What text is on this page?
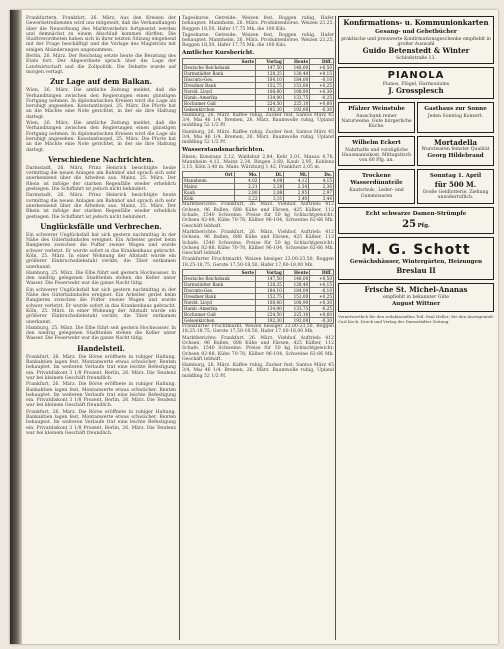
Frankfurtern. Frankfurt, 26. März. Aus den Kreisen der Gewerbetreibenden wird uns mitgeteilt, daß die Verhandlungen über die Neuordnung des Marktverkehrs fortgesetzt werden und demnächst zu einem Abschluß kommen dürften. Die Stadtverordneten haben sich in ihrer letzten Sitzung eingehend mit der Frage beschäftigt und die Vorlage des Magistrats mit einigen Abänderungen angenommen.

Berlin, 26. März. Der Reichstag setzte heute die Beratung des Etats fort. Der Abgeordnete sprach über die Lage der Landwirtschaft und die Zollpolitik. Die Debatte wurde auf morgen vertagt.

Zur Lage auf dem Balkan.

Wien, 26. März. Die amtliche Zeitung meldet, daß die Verhandlungen zwischen den Regierungen einen günstigen Fortgang nehmen. In diplomatischen Kreisen wird die Lage als beruhigt angesehen. Konstantinopel, 25. März. Die Pforte hat an die Mächte eine Note gerichtet, in der sie ihre Haltung darlegt.

Wien, 26. März. Die amtliche Zeitung meldet, daß die Verhandlungen zwischen den Regierungen einen günstigen Fortgang nehmen. In diplomatischen Kreisen wird die Lage als beruhigt angesehen. Konstantinopel, 25. März. Die Pforte hat an die Mächte eine Note gerichtet, in der sie ihre Haltung darlegt.

Verschiedene Nachrichten.

Darmstadt, 26. März. Prinz Heinrich besichtigte heute vormittag die neuen Anlagen am Bahnhof und sprach sich sehr anerkennend über die Arbeiten aus. Mainz, 25. März. Der Rhein ist infolge der starken Regenfälle wieder erheblich gestiegen. Die Schiffahrt ist jedoch nicht behindert.

Darmstadt, 26. März. Prinz Heinrich besichtigte heute vormittag die neuen Anlagen am Bahnhof und sprach sich sehr anerkennend über die Arbeiten aus. Mainz, 25. März. Der Rhein ist infolge der starken Regenfälle wieder erheblich gestiegen. Die Schiffahrt ist jedoch nicht behindert.

Unglücksfälle und Verbrechen.

Ein schwerer Unglücksfall hat sich gestern nachmittag in der Nähe des Güterbahnhofes ereignet. Ein Arbeiter geriet beim Rangieren zwischen die Puffer zweier Wagen und wurde schwer verletzt. Er wurde sofort in das Krankenhaus gebracht. Köln, 25. März. In einer Wohnung der Altstadt wurde ein größerer Einbruchsdiebstahl verübt; die Täter entkamen unerkannt.

Hamburg, 25. März. Die Elbe führt seit gestern Hochwasser. In den niedrig gelegenen Stadtteilen stehen die Keller unter Wasser. Die Feuerwehr war die ganze Nacht tätig.

Ein schwerer Unglücksfall hat sich gestern nachmittag in der Nähe des Güterbahnhofes ereignet. Ein Arbeiter geriet beim Rangieren zwischen die Puffer zweier Wagen und wurde schwer verletzt. Er wurde sofort in das Krankenhaus gebracht. Köln, 25. März. In einer Wohnung der Altstadt wurde ein größerer Einbruchsdiebstahl verübt; die Täter entkamen unerkannt.

Hamburg, 25. März. Die Elbe führt seit gestern Hochwasser. In den niedrig gelegenen Stadtteilen stehen die Keller unter Wasser. Die Feuerwehr war die ganze Nacht tätig.

Handelsteil.

Frankfurt, 26. März. Die Börse eröffnete in ruhiger Haltung. Bankaktien lagen fest, Montanwerte etwas schwächer. Renten behauptet. Im weiteren Verlaufe trat eine leichte Befestigung ein. Privatdiskont 3 1/8 Prozent. Berlin, 26. März. Die Tendenz war bei kleinem Geschäft freundlich.

Frankfurt, 26. März. Die Börse eröffnete in ruhiger Haltung. Bankaktien lagen fest, Montanwerte etwas schwächer. Renten behauptet. Im weiteren Verlaufe trat eine leichte Befestigung ein. Privatdiskont 3 1/8 Prozent. Berlin, 26. März. Die Tendenz war bei kleinem Geschäft freundlich.

Frankfurt, 26. März. Die Börse eröffnete in ruhiger Haltung. Bankaktien lagen fest, Montanwerte etwas schwächer. Renten behauptet. Im weiteren Verlaufe trat eine leichte Befestigung ein. Privatdiskont 3 1/8 Prozent. Berlin, 26. März. Die Tendenz war bei kleinem Geschäft freundlich.

Tageskurse. Getreide: Weizen fest, Roggen ruhig, Hafer behauptet. Mannheim, 26. März. Produktenbörse. Weizen 23,25, Roggen 18,50, Hafer 17,75 Mk. die 100 Kilo.

Tageskurse. Getreide: Weizen fest, Roggen ruhig, Hafer behauptet. Mannheim, 26. März. Produktenbörse. Weizen 23,25, Roggen 18,50, Hafer 17,75 Mk. die 100 Kilo.

Amtlicher Kursbericht.
Sorte	Vortag	Heute	Diff.
Deutsche Reichsbank	147,50	148,00	+0,50
Darmstädter Bank	128,25	128,40	+0,15
Disconto-Ges.	184,10	184,00	-0,10
Dresdner Bank	152,75	153,00	+0,25
Nordd. Lloyd	108,60	108,90	+0,30
Hamb.-Amerika	134,00	133,75	-0,25
Bochumer Guß	224,50	225,10	+0,60
Gelsenkirchen	192,30	192,00	-0,30

Hamburg, 26. März. Kaffee ruhig. Zucker fest. Santos März 45 3/4, Mai 46 1/4. Bremen, 26. März. Baumwolle ruhig, Upland middling 52 1/2 Pf.

Hamburg, 26. März. Kaffee ruhig. Zucker fest. Santos März 45 3/4, Mai 46 1/4. Bremen, 26. März. Baumwolle ruhig, Upland middling 52 1/2 Pf.

Wasserstandsnachrichten.

Rhein: Konstanz 3,12, Waldshut 2,84, Kehl 3,01, Maxau 4,76, Mannheim 4,12, Mainz 2,34, Bingen 2,68, Kaub 2,95, Koblenz 3,15, Köln 3,40 m. Main: Würzburg 1,42, Frankfurt 2,05 m.

Ort	Mo.	Di.	Mi.	Do.
Mannheim	4,02	4,08	4,12	4,15
Mainz	2,21	2,28	2,34	2,36
Kaub	2,80	2,88	2,95	2,97
Köln	3,22	3,31	3,40	3,44

Marktberichte. Frankfurt, 26. März. Viehhof. Auftrieb: 412 Ochsen, 96 Bullen, 688 Kühe und Färsen, 425 Kälber, 112 Schafe, 1540 Schweine. Preise für 50 kg Schlachtgewicht: Ochsen 82-88, Kühe 70-78, Kälber 96-104, Schweine 62-66 Mk. Geschäft lebhaft.

Marktberichte. Frankfurt, 26. März. Viehhof. Auftrieb: 412 Ochsen, 96 Bullen, 688 Kühe und Färsen, 425 Kälber, 112 Schafe, 1540 Schweine. Preise für 50 kg Schlachtgewicht: Ochsen 82-88, Kühe 70-78, Kälber 96-104, Schweine 62-66 Mk. Geschäft lebhaft.

Frankfurter Fruchtmarkt. Weizen hiesiger 23,00-23,50, Roggen 18,25-18,75, Gerste 17,50-18,50, Hafer 17,00-18,00 Mk.

Sorte	Vortag	Heute	Diff.
Deutsche Reichsbank	147,50	148,00	+0,50
Darmstädter Bank	128,25	128,40	+0,15
Disconto-Ges.	184,10	184,00	-0,10
Dresdner Bank	152,75	153,00	+0,25
Nordd. Lloyd	108,60	108,90	+0,30
Hamb.-Amerika	134,00	133,75	-0,25
Bochumer Guß	224,50	225,10	+0,60
Gelsenkirchen	192,30	192,00	-0,30

Frankfurter Fruchtmarkt. Weizen hiesiger 23,00-23,50, Roggen 18,25-18,75, Gerste 17,50-18,50, Hafer 17,00-18,00 Mk.

Marktberichte. Frankfurt, 26. März. Viehhof. Auftrieb: 412 Ochsen, 96 Bullen, 688 Kühe und Färsen, 425 Kälber, 112 Schafe, 1540 Schweine. Preise für 50 kg Schlachtgewicht: Ochsen 82-88, Kühe 70-78, Kälber 96-104, Schweine 62-66 Mk. Geschäft lebhaft.

Hamburg, 26. März. Kaffee ruhig. Zucker fest. Santos März 45 3/4, Mai 46 1/4. Bremen, 26. März. Baumwolle ruhig, Upland middling 52 1/2 Pf.

Konfirmations- u. Kommunionkarten
Gesang- und Gebetbücher
praktische und preiswerte Konfirmationsgeschenke empfiehlt in großer Auswahl
Guido Betenstedt & Winter
Schloßstraße 13.
PIANOLA
Pianos, Flügel, Harmoniums
J. Grossplesch
Pfälzer Weinstube
Ausschank reiner Naturweine. Gute bürgerliche Küche.
Gasthaus zur Sonne
Jeden Sonntag Konzert.
Wilhelm Eckert
Nahrhafte und vorzügliche Hausmannskost. Mittagstisch von 60 Pfg. an.
Mortadella
Wurstwaren feinster Qualität
Georg Hildebrand
Trockene Wasserdünnteile
Kautschuk-, Leder- und Gummiwaren
Sonntag 1. April
für 500 M.
Große Geldlotterie. Ziehung unwiderruflich.
Echt schwarze Damen-Strümpfe
25 Pfg.
M. G. Schott
Gewächshäuser, Wintergärten, Heizungen
Breslau II
Frische St. Michel-Ananas
empfiehlt in bekannter Güte
August Wittner
Verantwortlich für den redaktionellen Teil: Paul Heller; für den Anzeigenteil: Carl Koch. Druck und Verlag der Darmstädter Zeitung.
